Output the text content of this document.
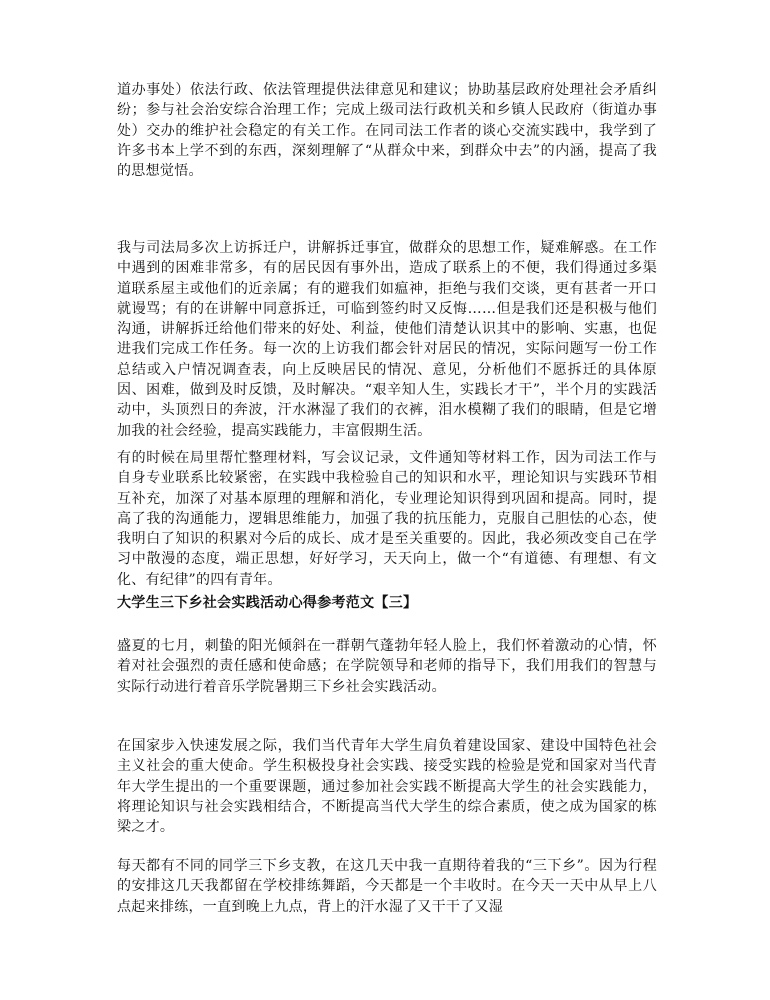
道办事处）依法行政、依法管理提供法律意见和建议；协助基层政府处理社会矛盾纠纷；参与社会治安综合治理工作；完成上级司法行政机关和乡镇人民政府（街道办事处）交办的维护社会稳定的有关工作。在同司法工作者的谈心交流实践中，我学到了许多书本上学不到的东西，深刻理解了“从群众中来，到群众中去”的内涵，提高了我的思想觉悟。

我与司法局多次上访拆迁户，讲解拆迁事宜，做群众的思想工作，疑难解惑。在工作中遇到的困难非常多，有的居民因有事外出，造成了联系上的不便，我们得通过多渠道联系屋主或他们的近亲属；有的避我们如瘟神，拒绝与我们交谈，更有甚者一开口就谩骂；有的在讲解中同意拆迁，可临到签约时又反悔……但是我们还是积极与他们沟通，讲解拆迁给他们带来的好处、利益，使他们清楚认识其中的影响、实惠，也促进我们完成工作任务。每一次的上访我们都会针对居民的情况，实际问题写一份工作总结或入户情况调查表，向上反映居民的情况、意见，分析他们不愿拆迁的具体原因、困难，做到及时反馈，及时解决。“艰辛知人生，实践长才干”，半个月的实践活动中，头顶烈日的奔波，汗水淋湿了我们的衣裤，泪水模糊了我们的眼睛，但是它增加我的社会经验，提高实践能力，丰富假期生活。

有的时候在局里帮忙整理材料，写会议记录，文件通知等材料工作，因为司法工作与自身专业联系比较紧密，在实践中我检验自己的知识和水平，理论知识与实践环节相互补充，加深了对基本原理的理解和消化，专业理论知识得到巩固和提高。同时，提高了我的沟通能力，逻辑思维能力，加强了我的抗压能力，克服自己胆怯的心态，使我明白了知识的积累对今后的成长、成才是至关重要的。因此，我必须改变自己在学习中散漫的态度，端正思想，好好学习，天天向上，做一个“有道德、有理想、有文化、有纪律”的四有青年。

大学生三下乡社会实践活动心得参考范文【三】

盛夏的七月，刺蛰的阳光倾斜在一群朝气蓬勃年轻人脸上，我们怀着激动的心情，怀着对社会强烈的责任感和使命感；在学院领导和老师的指导下，我们用我们的智慧与实际行动进行着音乐学院暑期三下乡社会实践活动。

在国家步入快速发展之际，我们当代青年大学生肩负着建设国家、建设中国特色社会主义社会的重大使命。学生积极投身社会实践、接受实践的检验是党和国家对当代青年大学生提出的一个重要课题，通过参加社会实践不断提高大学生的社会实践能力，将理论知识与社会实践相结合，不断提高当代大学生的综合素质，使之成为国家的栋梁之才。

每天都有不同的同学三下乡支教，在这几天中我一直期待着我的“三下乡”。因为行程的安排这几天我都留在学校排练舞蹈，今天都是一个丰收时。在今天一天中从早上八点起来排练，一直到晚上九点，背上的汗水湿了又干干了又湿
